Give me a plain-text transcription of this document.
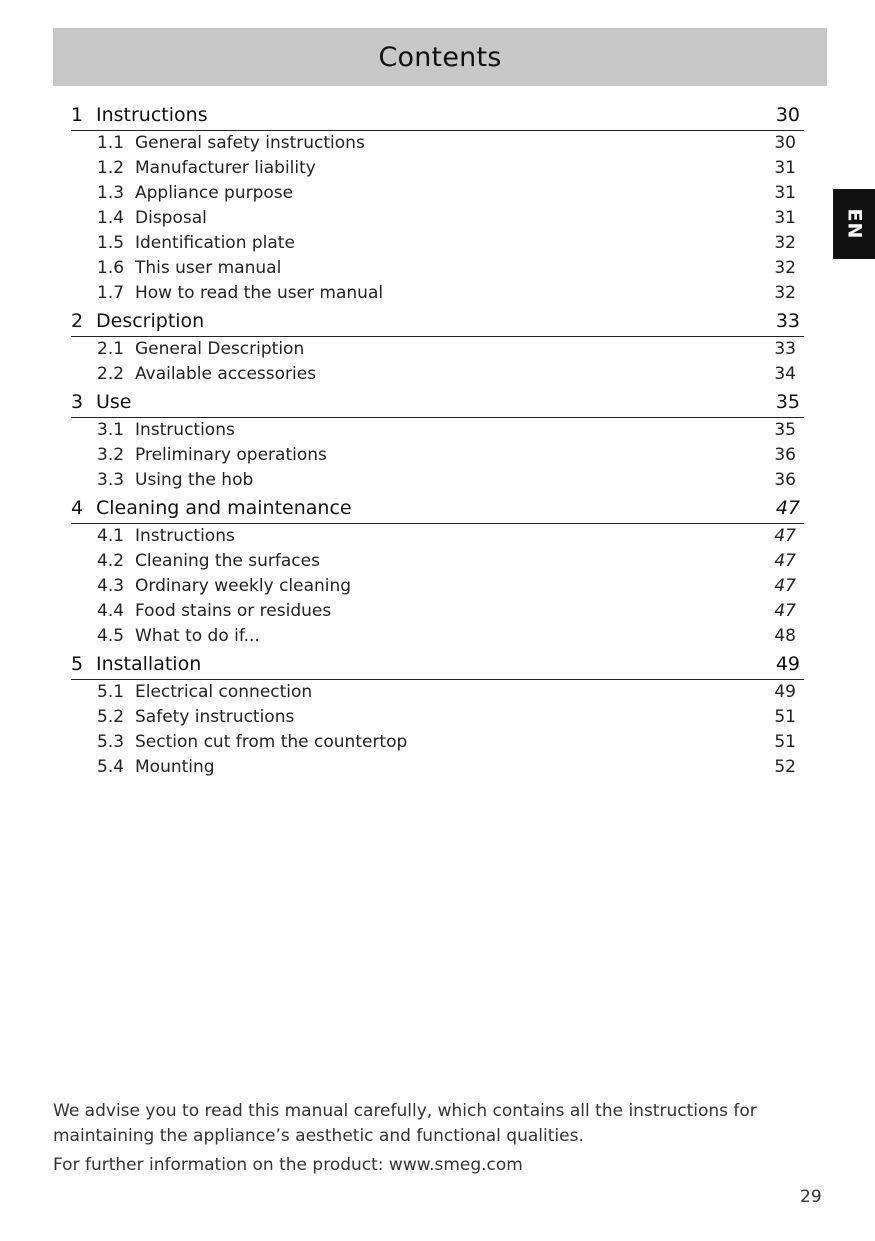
Contents
EN
1 Instructions	30
1.1 General safety instructions	30
1.2 Manufacturer liability	31
1.3 Appliance purpose	31
1.4 Disposal	31
1.5 Identification plate	32
1.6 This user manual	32
1.7 How to read the user manual	32
2 Description	33
2.1 General Description	33
2.2 Available accessories	34
3 Use	35
3.1 Instructions	35
3.2 Preliminary operations	36
3.3 Using the hob	36
4 Cleaning and maintenance	47
4.1 Instructions	47
4.2 Cleaning the surfaces	47
4.3 Ordinary weekly cleaning	47
4.4 Food stains or residues	47
4.5 What to do if...	48
5 Installation	49
5.1 Electrical connection	49
5.2 Safety instructions	51
5.3 Section cut from the countertop	51
5.4 Mounting	52

We advise you to read this manual carefully, which contains all the instructions for

maintaining the appliance’s aesthetic and functional qualities.

For further information on the product: www.smeg.com

29
